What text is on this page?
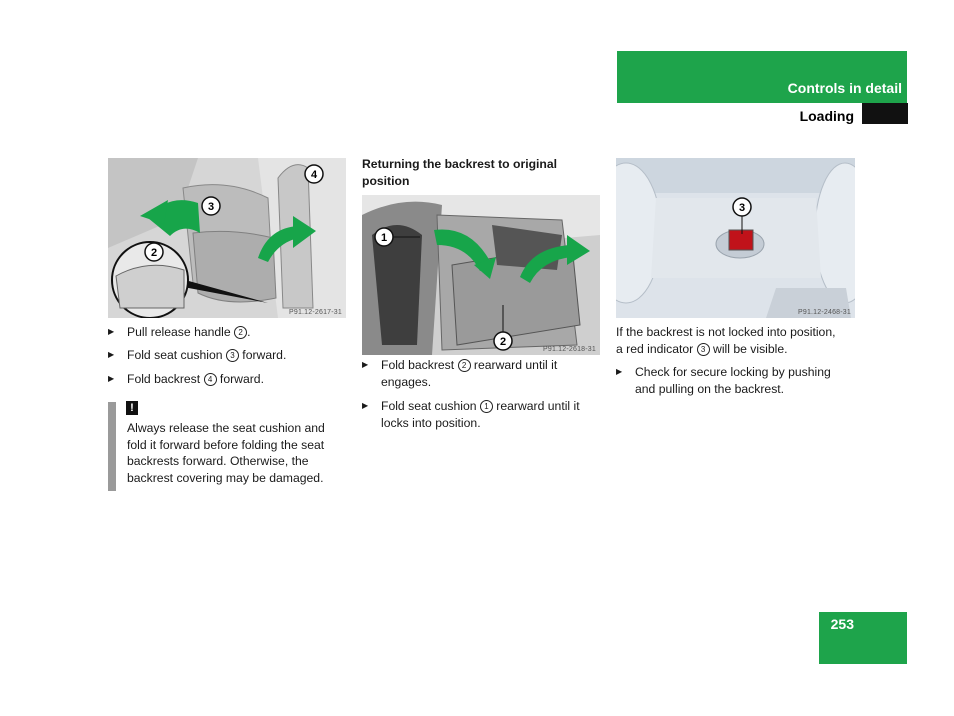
Controls in detail
Loading
2
3
4
P91.12-2617-31
1
2
P91.12-2618-31
3
P91.12-2468-31
▶	Pull release handle 2 .
▶	Fold seat cushion 3 forward.
▶	Fold backrest 4 forward.
!
Always release the seat cushion and
fold it forward before folding the seat
backrests forward. Otherwise, the
backrest covering may be damaged.
Returning the backrest to original
position
▶	Fold backrest 2 rearward until it
engages.
▶	Fold seat cushion 1 rearward until it
locks into position.
If the backrest is not locked into position,
a red indicator 3 will be visible.
▶	Check for secure locking by pushing
and pulling on the backrest.
253
